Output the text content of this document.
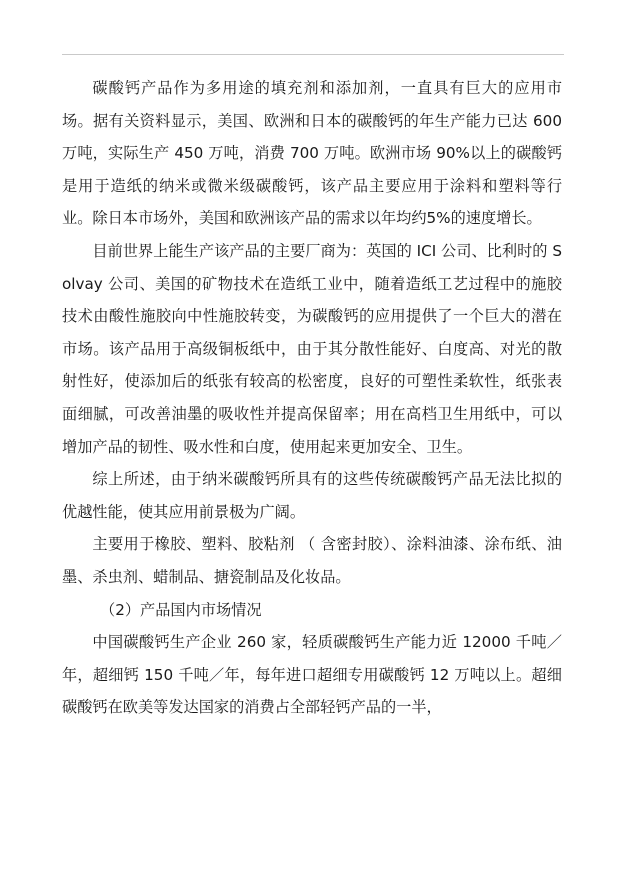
碳酸钙产品作为多用途的填充剂和添加剂，一直具有巨大的应用市场。据有关资料显示，美国、欧洲和日本的碳酸钙的年生产能力已达 600 万吨，实际生产 450 万吨，消费 700 万吨。欧洲市场 90%以上的碳酸钙是用于造纸的纳米或微米级碳酸钙，该产品主要应用于涂料和塑料等行业。除日本市场外，美国和欧洲该产品的需求以年均约5%的速度增长。

目前世界上能生产该产品的主要厂商为：英国的 ICI 公司、比利时的 Solvay 公司、美国的矿物技术在造纸工业中，随着造纸工艺过程中的施胶技术由酸性施胶向中性施胶转变，为碳酸钙的应用提供了一个巨大的潜在市场。该产品用于高级铜板纸中，由于其分散性能好、白度高、对光的散射性好，使添加后的纸张有较高的松密度，良好的可塑性柔软性，纸张表面细腻，可改善油墨的吸收性并提高保留率；用在高档卫生用纸中，可以增加产品的韧性、吸水性和白度，使用起来更加安全、卫生。

综上所述，由于纳米碳酸钙所具有的这些传统碳酸钙产品无法比拟的优越性能，使其应用前景极为广阔。

主要用于橡胶、塑料、胶粘剂 （ 含密封胶）、涂料油漆、涂布纸、油墨、杀虫剂、蜡制品、搪瓷制品及化妆品。

（2）产品国内市场情况

中国碳酸钙生产企业 260 家，轻质碳酸钙生产能力近 12000 千吨／年，超细钙 150 千吨／年，每年进口超细专用碳酸钙 12 万吨以上。超细碳酸钙在欧美等发达国家的消费占全部轻钙产品的一半，
